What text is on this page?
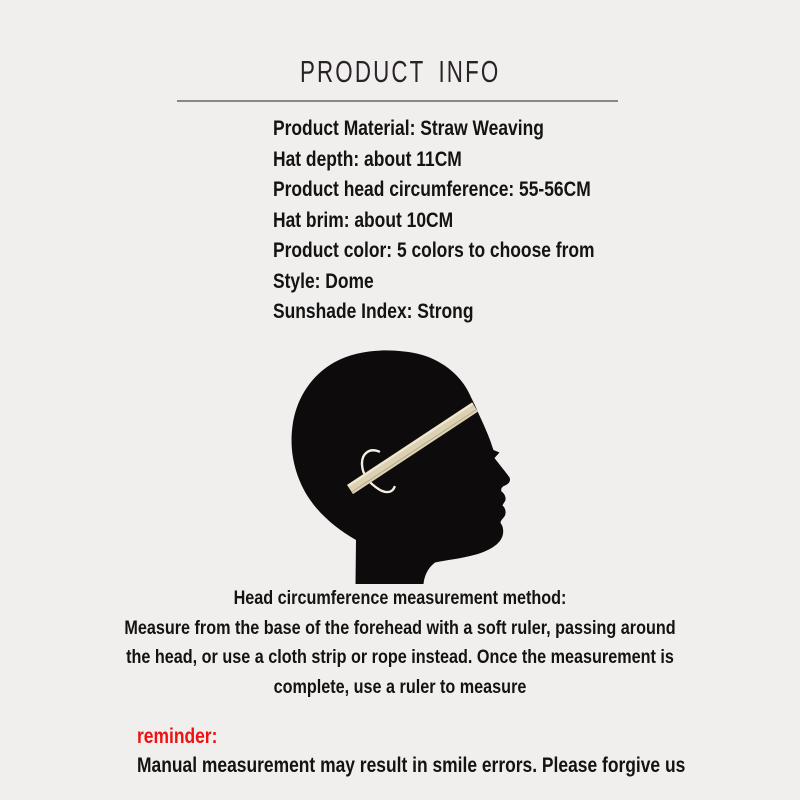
PRODUCT INFO
Product Material: Straw Weaving
Hat depth: about 11CM
Product head circumference: 55-56CM
Hat brim: about 10CM
Product color: 5 colors to choose from
Style: Dome
Sunshade Index: Strong
Head circumference measurement method:
Measure from the base of the forehead with a soft ruler, passing around
the head, or use a cloth strip or rope instead. Once the measurement is
complete, use a ruler to measure
reminder:
Manual measurement may result in smile errors. Please forgive us
